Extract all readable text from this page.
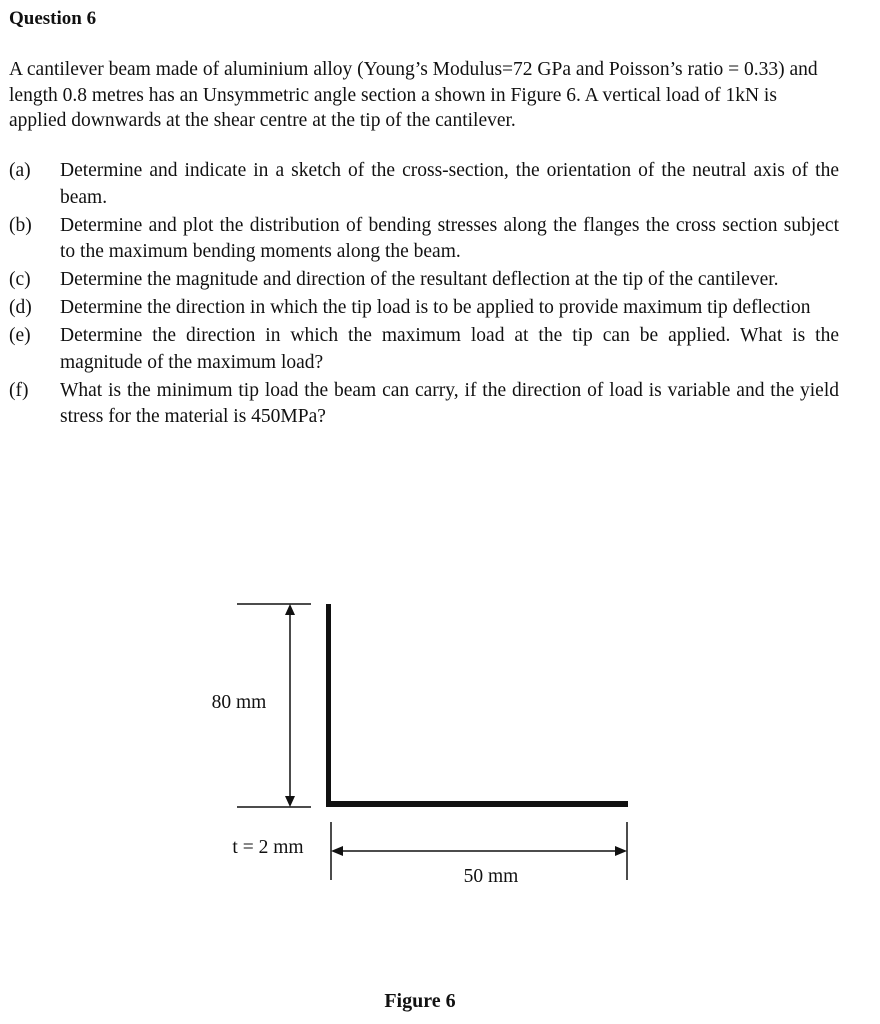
Question 6

A cantilever beam made of aluminium alloy (Young’s Modulus=72 GPa and Poisson’s ratio = 0.33) and length 0.8 metres has an Unsymmetric angle section a shown in Figure 6. A vertical load of 1kN is applied downwards at the shear centre at the tip of the cantilever.

(a) Determine and indicate in a sketch of the cross-section, the orientation of the neutral axis of the beam.
(b) Determine and plot the distribution of bending stresses along the flanges the cross section subject to the maximum bending moments along the beam.
(c) Determine the magnitude and direction of the resultant deflection at the tip of the cantilever.
(d) Determine the direction in which the tip load is to be applied to provide maximum tip deflection
(e) Determine the direction in which the maximum load at the tip can be applied. What is the magnitude of the maximum load?
(f) What is the minimum tip load the beam can carry, if the direction of load is variable and the yield stress for the material is 450MPa?
80 mm
t = 2 mm
50 mm

Figure 6
